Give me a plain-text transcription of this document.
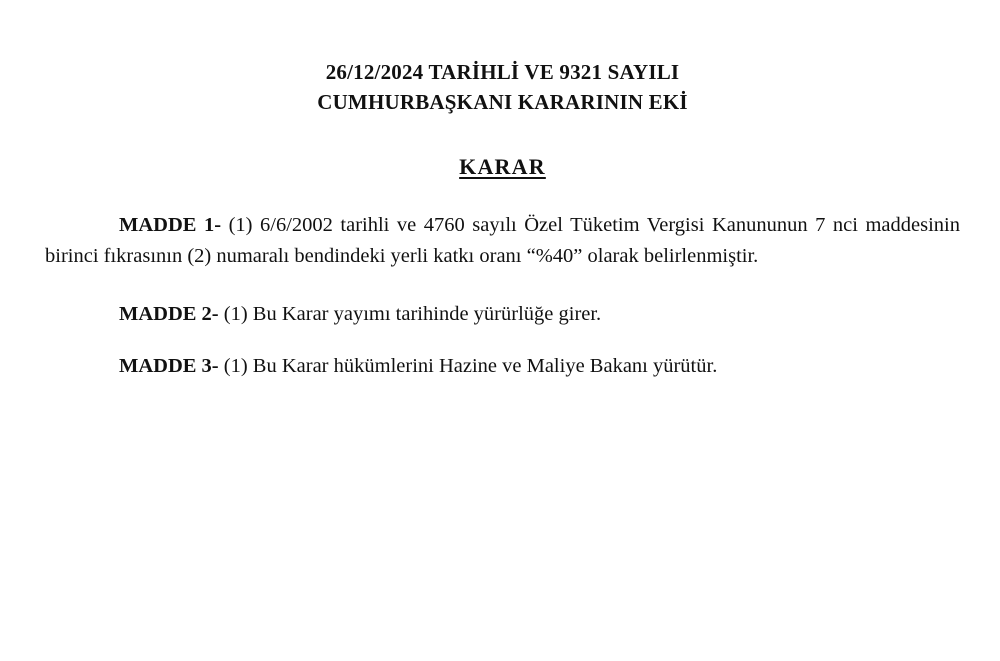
26/12/2024 TARİHLİ VE 9321 SAYILI
CUMHURBAŞKANI KARARININ EKİ
KARAR

MADDE 1- (1) 6/6/2002 tarihli ve 4760 sayılı Özel Tüketim Vergisi Kanununun 7 nci maddesinin birinci fıkrasının (2) numaralı bendindeki yerli katkı oranı “%40” olarak belirlenmiştir.

MADDE 2- (1) Bu Karar yayımı tarihinde yürürlüğe girer.

MADDE 3- (1) Bu Karar hükümlerini Hazine ve Maliye Bakanı yürütür.
